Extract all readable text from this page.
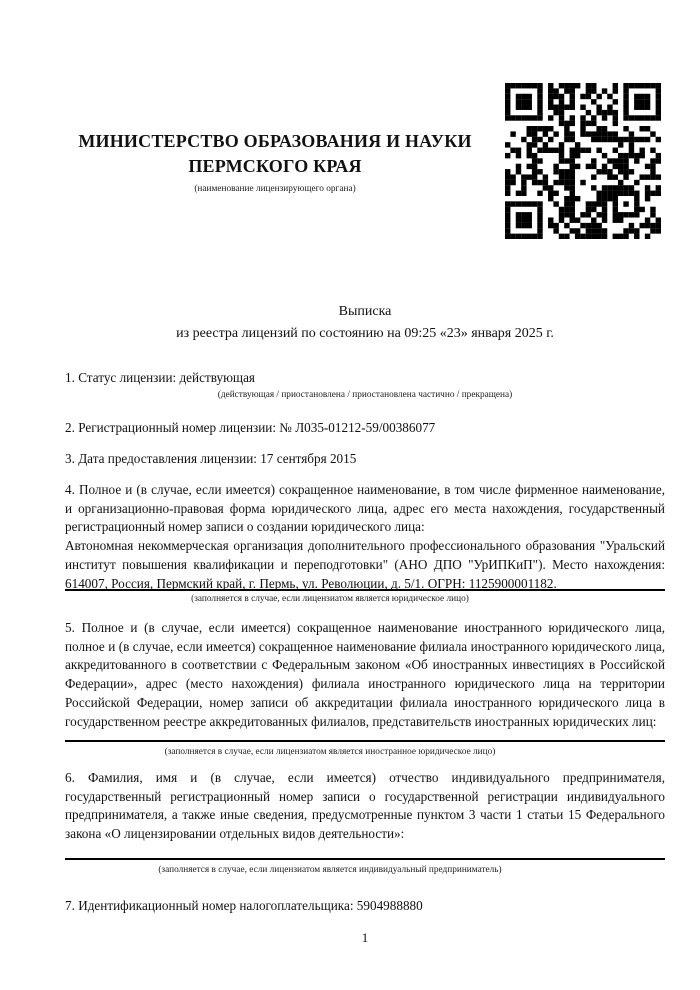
МИНИСТЕРСТВО ОБРАЗОВАНИЯ И НАУКИ
ПЕРМСКОГО КРАЯ
(наименование лицензирующего органа)
Выписка
из реестра лицензий по состоянию на 09:25 «23» января 2025 г.
1. Статус лицензии: действующая
(действующая / приостановлена / приостановлена частично / прекращена)
2. Регистрационный номер лицензии: № Л035-01212-59/00386077
3. Дата предоставления лицензии: 17 сентября 2015

4. Полное и (в случае, если имеется) сокращенное наименование, в том числе фирменное наименование, и организационно-правовая форма юридического лица, адрес его места нахождения, государственный регистрационный номер записи о создании юридического лица:

Автономная некоммерческая организация дополнительного профессионального образования "Уральский институт повышения квалификации и переподготовки" (АНО ДПО "УрИПКиП"). Место нахождения: 614007, Россия, Пермский край, г. Пермь, ул. Революции, д. 5/1. ОГРН: 1125900001182.

(заполняется в случае, если лицензиатом является юридическое лицо)
5. Полное и (в случае, если имеется) сокращенное наименование иностранного юридического лица, полное и (в случае, если имеется) сокращенное наименование филиала иностранного юридического лица, аккредитованного в соответствии с Федеральным законом «Об иностранных инвестициях в Российской Федерации», адрес (место нахождения) филиала иностранного юридического лица на территории Российской Федерации, номер записи об аккредитации филиала иностранного юридического лица в государственном реестре аккредитованных филиалов, представительств иностранных юридических лиц:
(заполняется в случае, если лицензиатом является иностранное юридическое лицо)
6. Фамилия, имя и (в случае, если имеется) отчество индивидуального предпринимателя, государственный регистрационный номер записи о государственной регистрации индивидуального предпринимателя, а также иные сведения, предусмотренные пунктом 3 части 1 статьи 15 Федерального закона «О лицензировании отдельных видов деятельности»:
(заполняется в случае, если лицензиатом является индивидуальный предприниматель)
7. Идентификационный номер налогоплательщика: 5904988880
1
